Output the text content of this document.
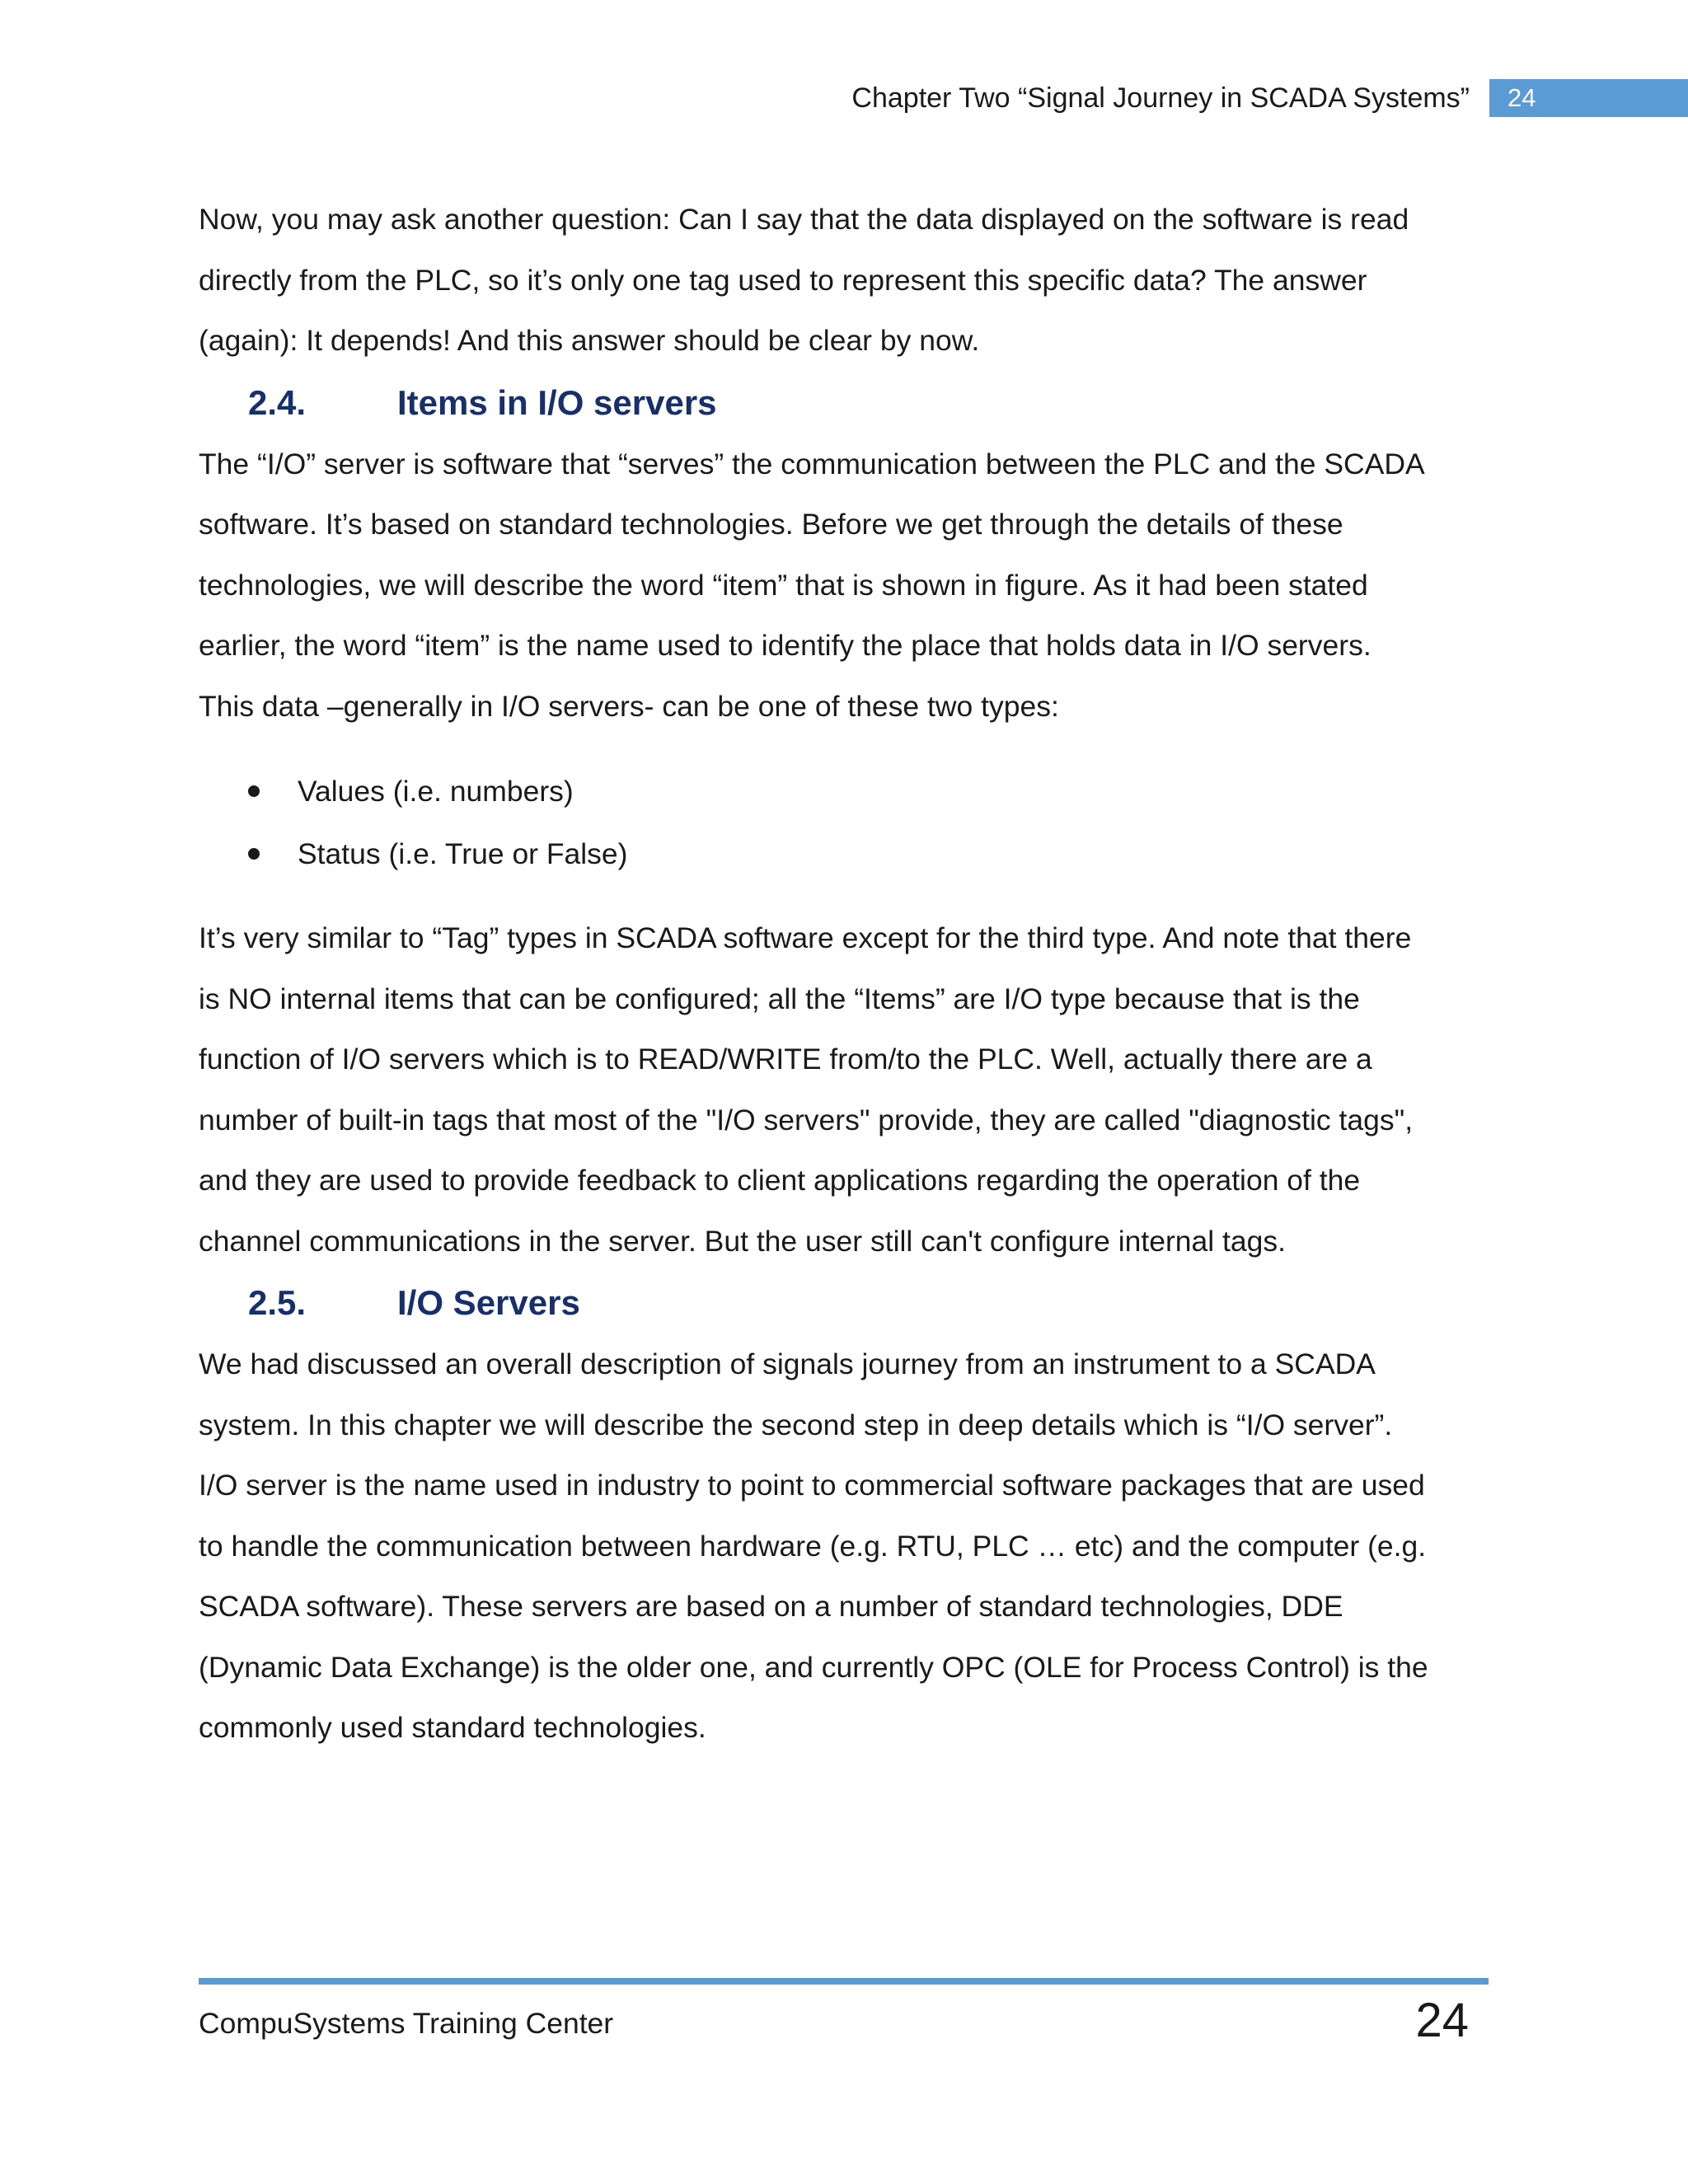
Chapter Two “Signal Journey in SCADA Systems”	24

Now, you may ask another question: Can I say that the data displayed on the software is read
directly from the PLC, so it’s only one tag used to represent this specific data? The answer
(again): It depends! And this answer should be clear by now.

2.4.	Items in I/O servers

The “I/O” server is software that “serves” the communication between the PLC and the SCADA
software. It’s based on standard technologies. Before we get through the details of these
technologies, we will describe the word “item” that is shown in figure. As it had been stated
earlier, the word “item” is the name used to identify the place that holds data in I/O servers.
This data –generally in I/O servers- can be one of these two types:

Values (i.e. numbers)
Status (i.e. True or False)

It’s very similar to “Tag” types in SCADA software except for the third type. And note that there
is NO internal items that can be configured; all the “Items” are I/O type because that is the
function of I/O servers which is to READ/WRITE from/to the PLC. Well, actually there are a
number of built-in tags that most of the "I/O servers" provide, they are called "diagnostic tags",
and they are used to provide feedback to client applications regarding the operation of the
channel communications in the server. But the user still can't configure internal tags.

2.5.	I/O Servers

We had discussed an overall description of signals journey from an instrument to a SCADA
system. In this chapter we will describe the second step in deep details which is “I/O server”.
I/O server is the name used in industry to point to commercial software packages that are used
to handle the communication between hardware (e.g. RTU, PLC … etc) and the computer (e.g.
SCADA software). These servers are based on a number of standard technologies, DDE
(Dynamic Data Exchange) is the older one, and currently OPC (OLE for Process Control) is the
commonly used standard technologies.

CompuSystems Training Center	24
